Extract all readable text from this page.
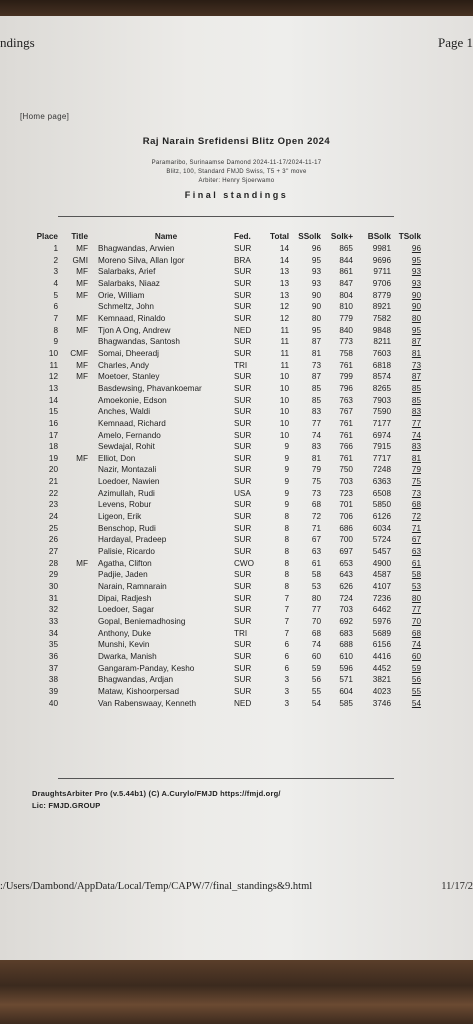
ndings	Page 1
[Home page]
Raj Narain Srefidensi Blitz Open 2024
Paramaribo, Surinaamse Damond 2024-11-17/2024-11-17
Blitz, 100, Standard FMJD Swiss, T5 + 3'' move
Arbiter: Henry Sjoerwamo
Final standings
Place	Title	Name	Fed.	Total	SSolk	Solk+	BSolk	TSolk
1	MF	Bhagwandas, Arwien	SUR	14	96	865	9981	96
2	GMI	Moreno Silva, Allan Igor	BRA	14	95	844	9696	95
3	MF	Salarbaks, Arief	SUR	13	93	861	9711	93
4	MF	Salarbaks, Niaaz	SUR	13	93	847	9706	93
5	MF	Orie, William	SUR	13	90	804	8779	90
6		Schmeltz, John	SUR	12	90	810	8921	90
7	MF	Kemnaad, Rinaldo	SUR	12	80	779	7582	80
8	MF	Tjon A Ong, Andrew	NED	11	95	840	9848	95
9		Bhagwandas, Santosh	SUR	11	87	773	8211	87
10	CMF	Somai, Dheeradj	SUR	11	81	758	7603	81
11	MF	Charles, Andy	TRI	11	73	761	6818	73
12	MF	Moetoer, Stanley	SUR	10	87	799	8574	87
13		Basdewsing, Phavankoemar	SUR	10	85	796	8265	85
14		Amoekonie, Edson	SUR	10	85	763	7903	85
15		Anches, Waldi	SUR	10	83	767	7590	83
16		Kemnaad, Richard	SUR	10	77	761	7177	77
17		Amelo, Fernando	SUR	10	74	761	6974	74
18		Sewdajal, Rohit	SUR	9	83	766	7915	83
19	MF	Elliot, Don	SUR	9	81	761	7717	81
20		Nazir, Montazali	SUR	9	79	750	7248	79
21		Loedoer, Nawien	SUR	9	75	703	6363	75
22		Azimullah, Rudi	USA	9	73	723	6508	73
23		Levens, Robur	SUR	9	68	701	5850	68
24		Ligeon, Erik	SUR	8	72	706	6126	72
25		Benschop, Rudi	SUR	8	71	686	6034	71
26		Hardayal, Pradeep	SUR	8	67	700	5724	67
27		Palisie, Ricardo	SUR	8	63	697	5457	63
28	MF	Agatha, Clifton	CWO	8	61	653	4900	61
29		Padjie, Jaden	SUR	8	58	643	4587	58
30		Narain, Ramnarain	SUR	8	53	626	4107	53
31		Dipai, Radjesh	SUR	7	80	724	7236	80
32		Loedoer, Sagar	SUR	7	77	703	6462	77
33		Gopal, Beniemadhosing	SUR	7	70	692	5976	70
34		Anthony, Duke	TRI	7	68	683	5689	68
35		Munshi, Kevin	SUR	6	74	688	6156	74
36		Dwarka, Manish	SUR	6	60	610	4416	60
37		Gangaram-Panday, Kesho	SUR	6	59	596	4452	59
38		Bhagwandas, Ardjan	SUR	3	56	571	3821	56
39		Mataw, Kishoorpersad	SUR	3	55	604	4023	55
40		Van Rabenswaay, Kenneth	NED	3	54	585	3746	54
DraughtsArbiter Pro (v.5.44b1) (C) A.Curylo/FMJD https://fmjd.org/
Lic: FMJD.GROUP
:/Users/Dambond/AppData/Local/Temp/CAPW/7/final_standings&9.html	11/17/2
